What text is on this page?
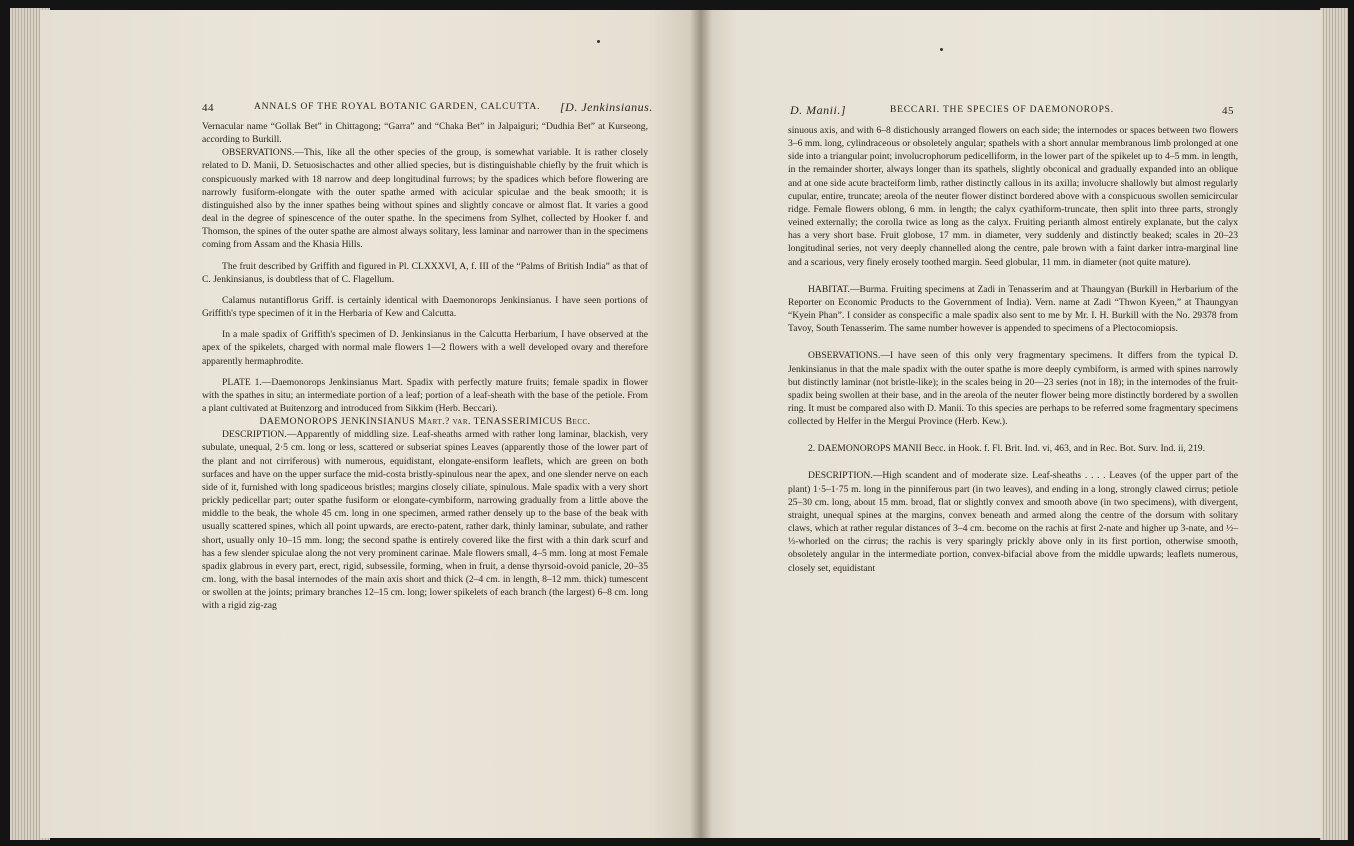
44	ANNALS OF THE ROYAL BOTANIC GARDEN, CALCUTTA. [D. Jenkinsianus.

Vernacular name “Gollak Bet” in Chittagong; “Garra” and “Chaka Bet” in Jalpaiguri; “Dudhia Bet” at Kurseong, according to Burkill.

OBSERVATIONS.—This, like all the other species of the group, is somewhat variable. It is rather closely related to D. Manii, D. Setuosischactes and other allied species, but is distinguishable chiefly by the fruit which is conspicuously marked with 18 narrow and deep longitudinal furrows; by the spadices which before flowering are narrowly fusiform-elongate with the outer spathe armed with acicular spiculae and the beak smooth; it is distinguished also by the inner spathes being without spines and slightly concave or almost flat. It varies a good deal in the degree of spinescence of the outer spathe. In the specimens from Sylhet, collected by Hooker f. and Thomson, the spines of the outer spathe are almost always solitary, less laminar and narrower than in the specimens coming from Assam and the Khasia Hills.

The fruit described by Griffith and figured in Pl. CLXXXVI, A, f. III of the “Palms of British India” as that of C. Jenkinsianus, is doubtless that of C. Flagellum.

Calamus nutantiflorus Griff. is certainly identical with Daemonorops Jenkinsianus. I have seen portions of Griffith's type specimen of it in the Herbaria of Kew and Calcutta.

In a male spadix of Griffith's specimen of D. Jenkinsianus in the Calcutta Herbarium, I have observed at the apex of the spikelets, charged with normal male flowers 1—2 flowers with a well developed ovary and therefore apparently hermaphrodite.

PLATE 1.—Daemonorops Jenkinsianus Mart. Spadix with perfectly mature fruits; female spadix in flower with the spathes in situ; an intermediate portion of a leaf; portion of a leaf-sheath with the base of the petiole. From a plant cultivated at Buitenzorg and introduced from Sikkim (Herb. Beccari).

DAEMONOROPS JENKINSIANUS Mart.? var. TENASSERIMICUS Becc.

DESCRIPTION.—Apparently of middling size. Leaf-sheaths armed with rather long laminar, blackish, very subulate, unequal, 2·5 cm. long or less, scattered or subseriat spines Leaves (apparently those of the lower part of the plant and not cirriferous) with numerous, equidistant, elongate-ensiform leaflets, which are green on both surfaces and have on the upper surface the mid-costa bristly-spinulous near the apex, and one slender nerve on each side of it, furnished with long spadiceous bristles; margins closely ciliate, spinulous. Male spadix with a very short prickly pedicellar part; outer spathe fusiform or elongate-cymbiform, narrowing gradually from a little above the middle to the beak, the whole 45 cm. long in one specimen, armed rather densely up to the base of the beak with usually scattered spines, which all point upwards, are erecto-patent, rather dark, thinly laminar, subulate, and rather short, usually only 10–15 mm. long; the second spathe is entirely covered like the first with a thin dark scurf and has a few slender spiculae along the not very prominent carinae. Male flowers small, 4–5 mm. long at most Female spadix glabrous in every part, erect, rigid, subsessile, forming, when in fruit, a dense thyrsoid-ovoid panicle, 20–35 cm. long, with the basal internodes of the main axis short and thick (2–4 cm. in length, 8–12 mm. thick) tumescent or swollen at the joints; primary branches 12–15 cm. long; lower spikelets of each branch (the largest) 6–8 cm. long with a rigid zig-zag

D. Manii.]	BECCARI. THE SPECIES OF DAEMONOROPS.	45

sinuous axis, and with 6–8 distichously arranged flowers on each side; the internodes or spaces between two flowers 3–6 mm. long, cylindraceous or obsoletely angular; spathels with a short annular membranous limb prolonged at one side into a triangular point; involucrophorum pedicelliform, in the lower part of the spikelet up to 4–5 mm. in length, in the remainder shorter, always longer than its spathels, slightly obconical and gradually expanded into an oblique and at one side acute bracteiform limb, rather distinctly callous in its axilla; involucre shallowly but almost regularly cupular, entire, truncate; areola of the neuter flower distinct bordered above with a conspicuous swollen semicircular ridge. Female flowers oblong, 6 mm. in length; the calyx cyathiform-truncate, then split into three parts, strongly veined externally; the corolla twice as long as the calyx. Fruiting perianth almost entirely explanate, but the calyx has a very short base. Fruit globose, 17 mm. in diameter, very suddenly and distinctly beaked; scales in 20–23 longitudinal series, not very deeply channelled along the centre, pale brown with a faint darker intra-marginal line and a scarious, very finely erosely toothed margin. Seed globular, 11 mm. in diameter (not quite mature).

HABITAT.—Burma. Fruiting specimens at Zadi in Tenasserim and at Thaungyan (Burkill in Herbarium of the Reporter on Economic Products to the Government of India). Vern. name at Zadi “Thwon Kyeen,” at Thaungyan “Kyein Phan”. I consider as conspecific a male spadix also sent to me by Mr. I. H. Burkill with the No. 29378 from Tavoy, South Tenasserim. The same number however is appended to specimens of a Plectocomiopsis.

OBSERVATIONS.—I have seen of this only very fragmentary specimens. It differs from the typical D. Jenkinsianus in that the male spadix with the outer spathe is more deeply cymbiform, is armed with spines narrowly but distinctly laminar (not bristle-like); in the scales being in 20—23 series (not in 18); in the internodes of the fruit-spadix being swollen at their base, and in the areola of the neuter flower being more distinctly bordered by a swollen ring. It must be compared also with D. Manii. To this species are perhaps to be referred some fragmentary specimens collected by Helfer in the Mergui Province (Herb. Kew.).

2. DAEMONOROPS MANII Becc. in Hook. f. Fl. Brit. Ind. vi, 463, and in Rec. Bot. Surv. Ind. ii, 219.

DESCRIPTION.—High scandent and of moderate size. Leaf-sheaths . . . . Leaves (of the upper part of the plant) 1·5–1·75 m. long in the pinniferous part (in two leaves), and ending in a long, strongly clawed cirrus; petiole 25–30 cm. long, about 15 mm. broad, flat or slightly convex and smooth above (in two specimens), with divergent, straight, unequal spines at the margins, convex beneath and armed along the centre of the dorsum with solitary claws, which at rather regular distances of 3–4 cm. become on the rachis at first 2-nate and higher up 3-nate, and ½–⅓-whorled on the cirrus; the rachis is very sparingly prickly above only in its first portion, otherwise smooth, obsoletely angular in the intermediate portion, convex-bifacial above from the middle upwards; leaflets numerous, closely set, equidistant
